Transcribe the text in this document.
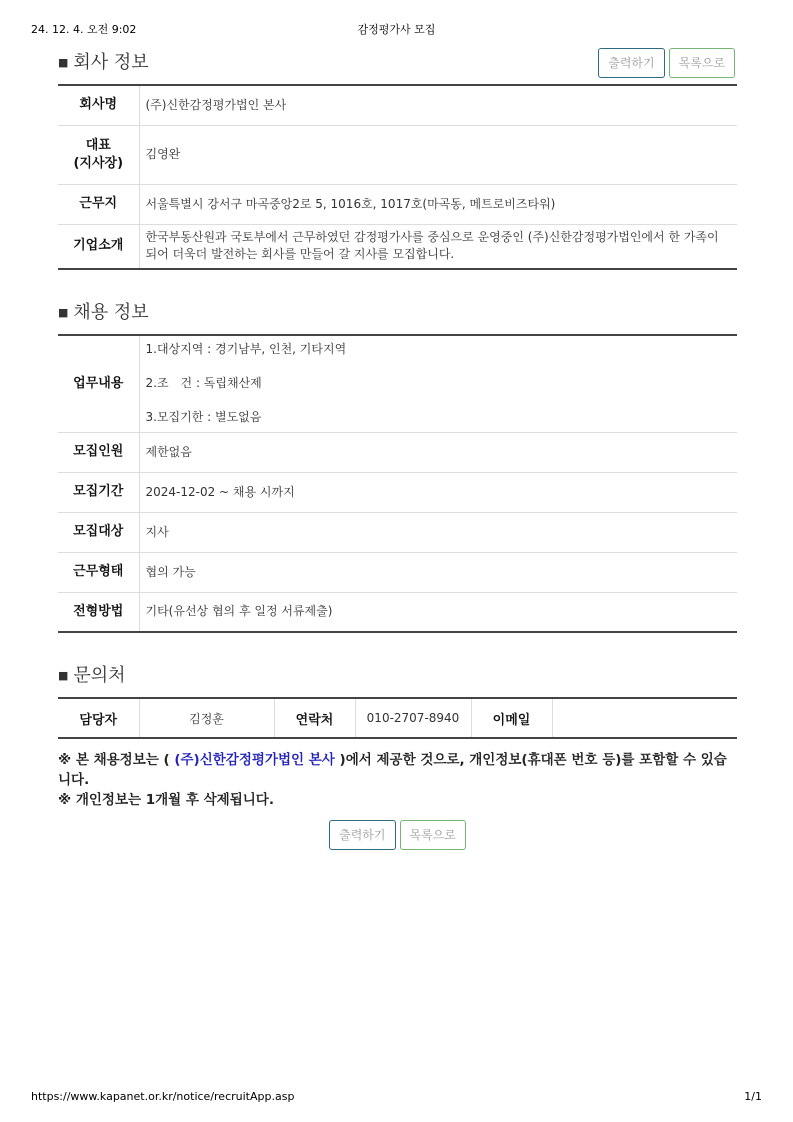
24. 12. 4. 오전 9:02	감정평가사 모집
■ 회사 정보	출력하기	목록으로
회사명	(주)신한감정평가법인 본사
대표
(지사장)	김영완
근무지	서울특별시 강서구 마곡중앙2로 5, 1016호, 1017호(마곡동, 메트로비즈타워)
기업소개	한국부동산원과 국토부에서 근무하였던 감정평가사를 중심으로 운영중인 (주)신한감정평가법인에서 한 가족이 되어 더욱더 발전하는 회사를 만들어 갈 지사를 모집합니다.
■ 채용 정보
업무내용	1.대상지역 : 경기남부, 인천, 기타지역

2.조　건 : 독립채산제

3.모집기한 : 별도없음

모집인원	제한없음
모집기간	2024-12-02 ~ 채용 시까지
모집대상	지사
근무형태	협의 가능
전형방법	기타(유선상 협의 후 일정 서류제출)
■ 문의처
담당자	김정훈	연락처	010-2707-8940	이메일	

※ 본 채용정보는 ( (주)신한감정평가법인 본사 )에서 제공한 것으로, 개인정보(휴대폰 번호 등)를 포함할 수 있습니다.

※ 개인정보는 1개월 후 삭제됩니다.

출력하기	목록으로
https://www.kapanet.or.kr/notice/recruitApp.asp	1/1
